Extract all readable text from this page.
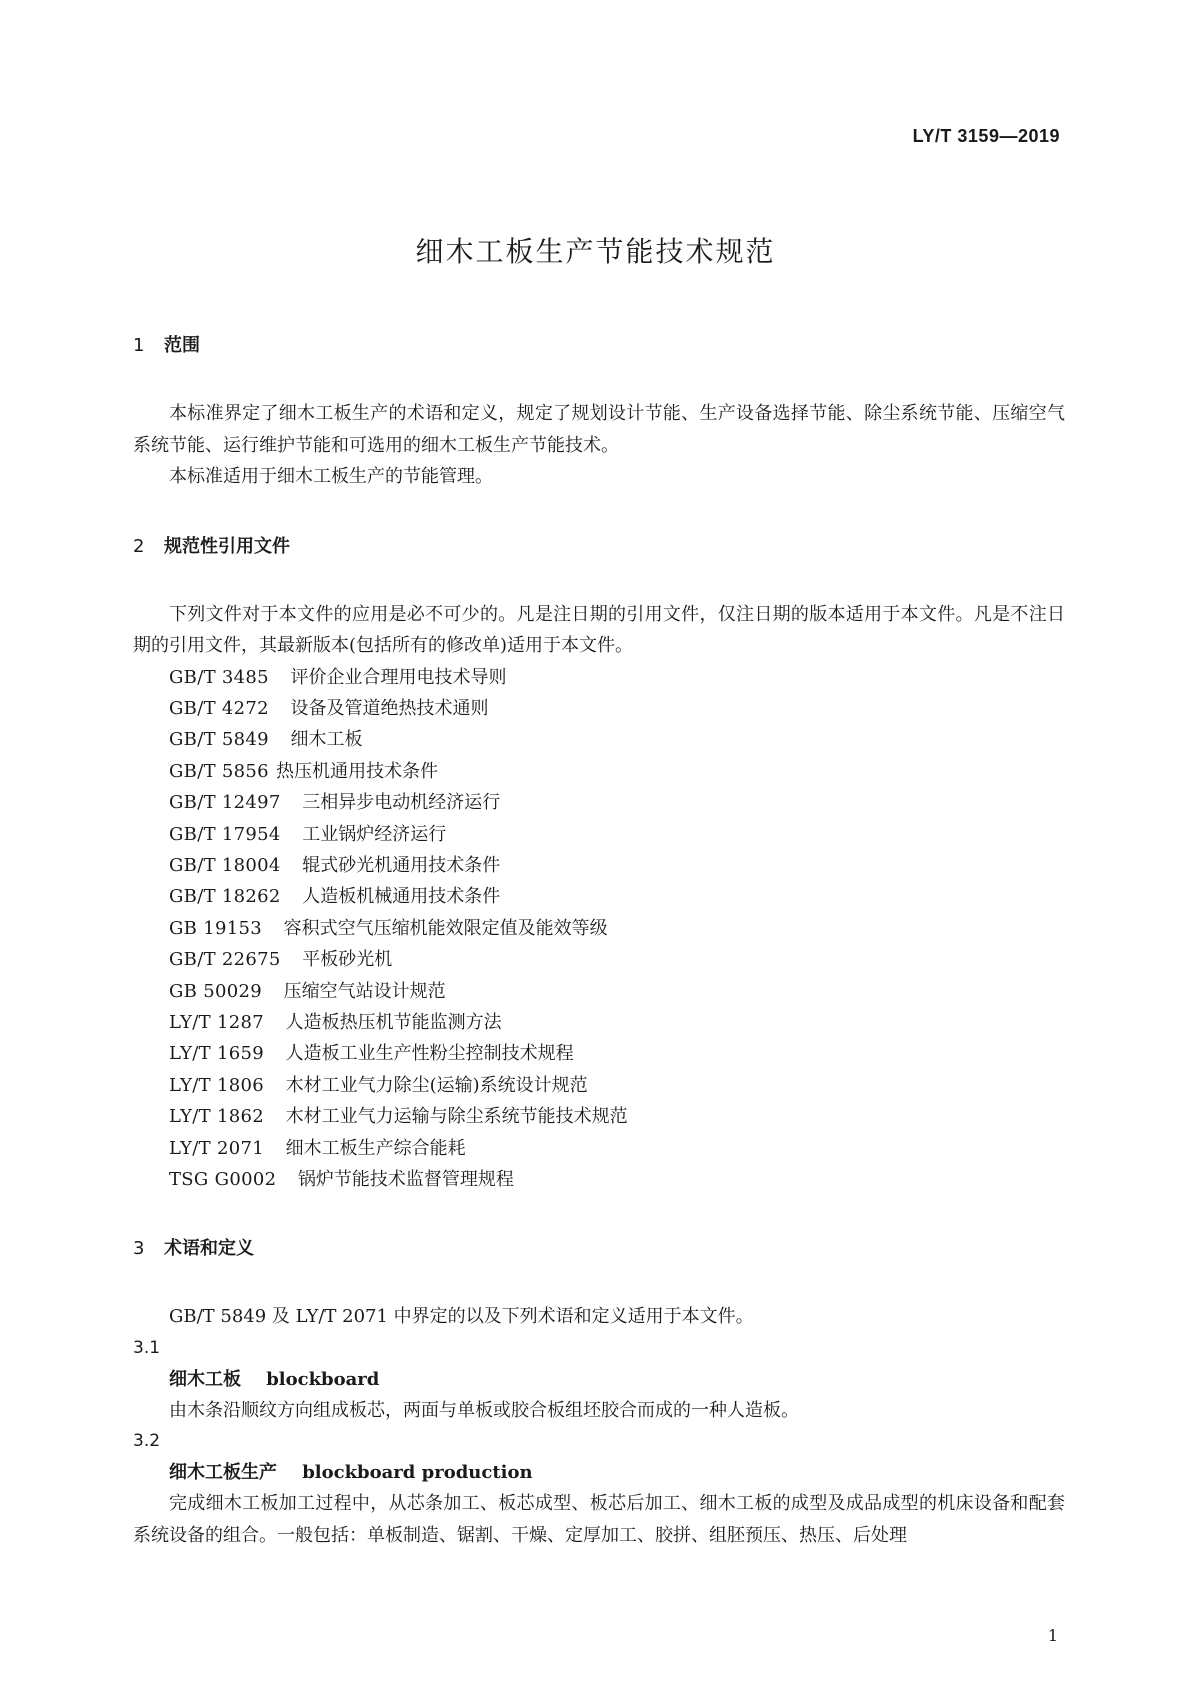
LY/T 3159—2019
细木工板生产节能技术规范
1 范围

本标准界定了细木工板生产的术语和定义，规定了规划设计节能、生产设备选择节能、除尘系统节能、压缩空气系统节能、运行维护节能和可选用的细木工板生产节能技术。

本标准适用于细木工板生产的节能管理。

2 规范性引用文件

下列文件对于本文件的应用是必不可少的。凡是注日期的引用文件，仅注日期的版本适用于本文件。凡是不注日期的引用文件，其最新版本(包括所有的修改单)适用于本文件。

GB/T 3485 评价企业合理用电技术导则
GB/T 4272 设备及管道绝热技术通则
GB/T 5849 细木工板
GB/T 5856 热压机通用技术条件
GB/T 12497 三相异步电动机经济运行
GB/T 17954 工业锅炉经济运行
GB/T 18004 辊式砂光机通用技术条件
GB/T 18262 人造板机械通用技术条件
GB 19153 容积式空气压缩机能效限定值及能效等级
GB/T 22675 平板砂光机
GB 50029 压缩空气站设计规范
LY/T 1287 人造板热压机节能监测方法
LY/T 1659 人造板工业生产性粉尘控制技术规程
LY/T 1806 木材工业气力除尘(运输)系统设计规范
LY/T 1862 木材工业气力运输与除尘系统节能技术规范
LY/T 2071 细木工板生产综合能耗
TSG G0002 锅炉节能技术监督管理规程
3 术语和定义

GB/T 5849 及 LY/T 2071 中界定的以及下列术语和定义适用于本文件。

3.1
细木工板 blockboard

由木条沿顺纹方向组成板芯，两面与单板或胶合板组坯胶合而成的一种人造板。

3.2
细木工板生产 blockboard production

完成细木工板加工过程中，从芯条加工、板芯成型、板芯后加工、细木工板的成型及成品成型的机床设备和配套系统设备的组合。一般包括：单板制造、锯割、干燥、定厚加工、胶拼、组胚预压、热压、后处理

1
